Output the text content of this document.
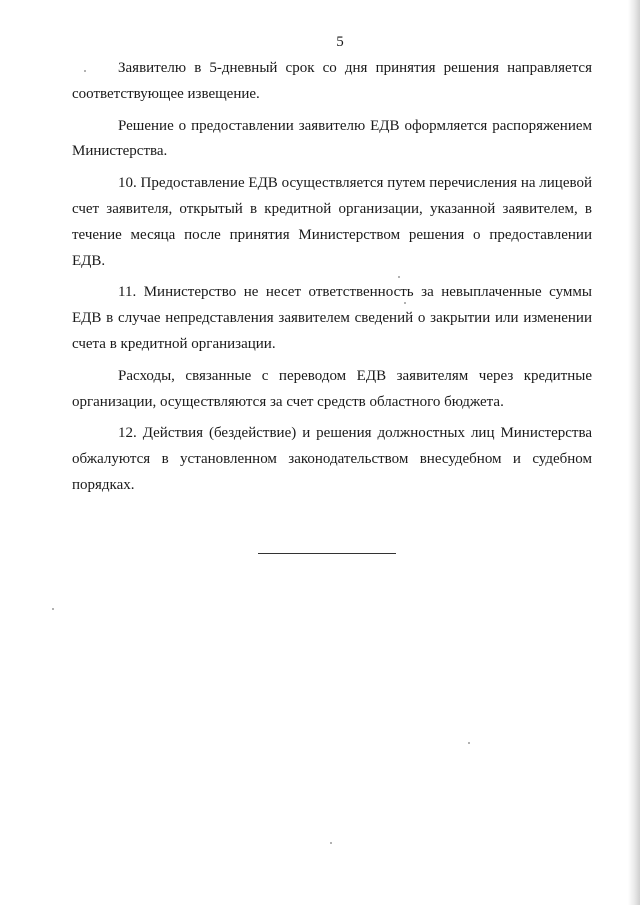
5

Заявителю в 5-дневный срок со дня принятия решения направляется соответствующее извещение.

Решение о предоставлении заявителю ЕДВ оформляется распоряжением Министерства.

10. Предоставление ЕДВ осуществляется путем перечисления на лицевой счет заявителя, открытый в кредитной организации, указанной заявителем, в течение месяца после принятия Министерством решения о предоставлении ЕДВ.

11. Министерство не несет ответственность за невыплаченные суммы ЕДВ в случае непредставления заявителем сведений о закрытии или изменении счета в кредитной организации.

Расходы, связанные с переводом ЕДВ заявителям через кредитные организации, осуществляются за счет средств областного бюджета.

12. Действия (бездействие) и решения должностных лиц Министерства обжалуются в установленном законодательством внесудебном и судебном порядках.
